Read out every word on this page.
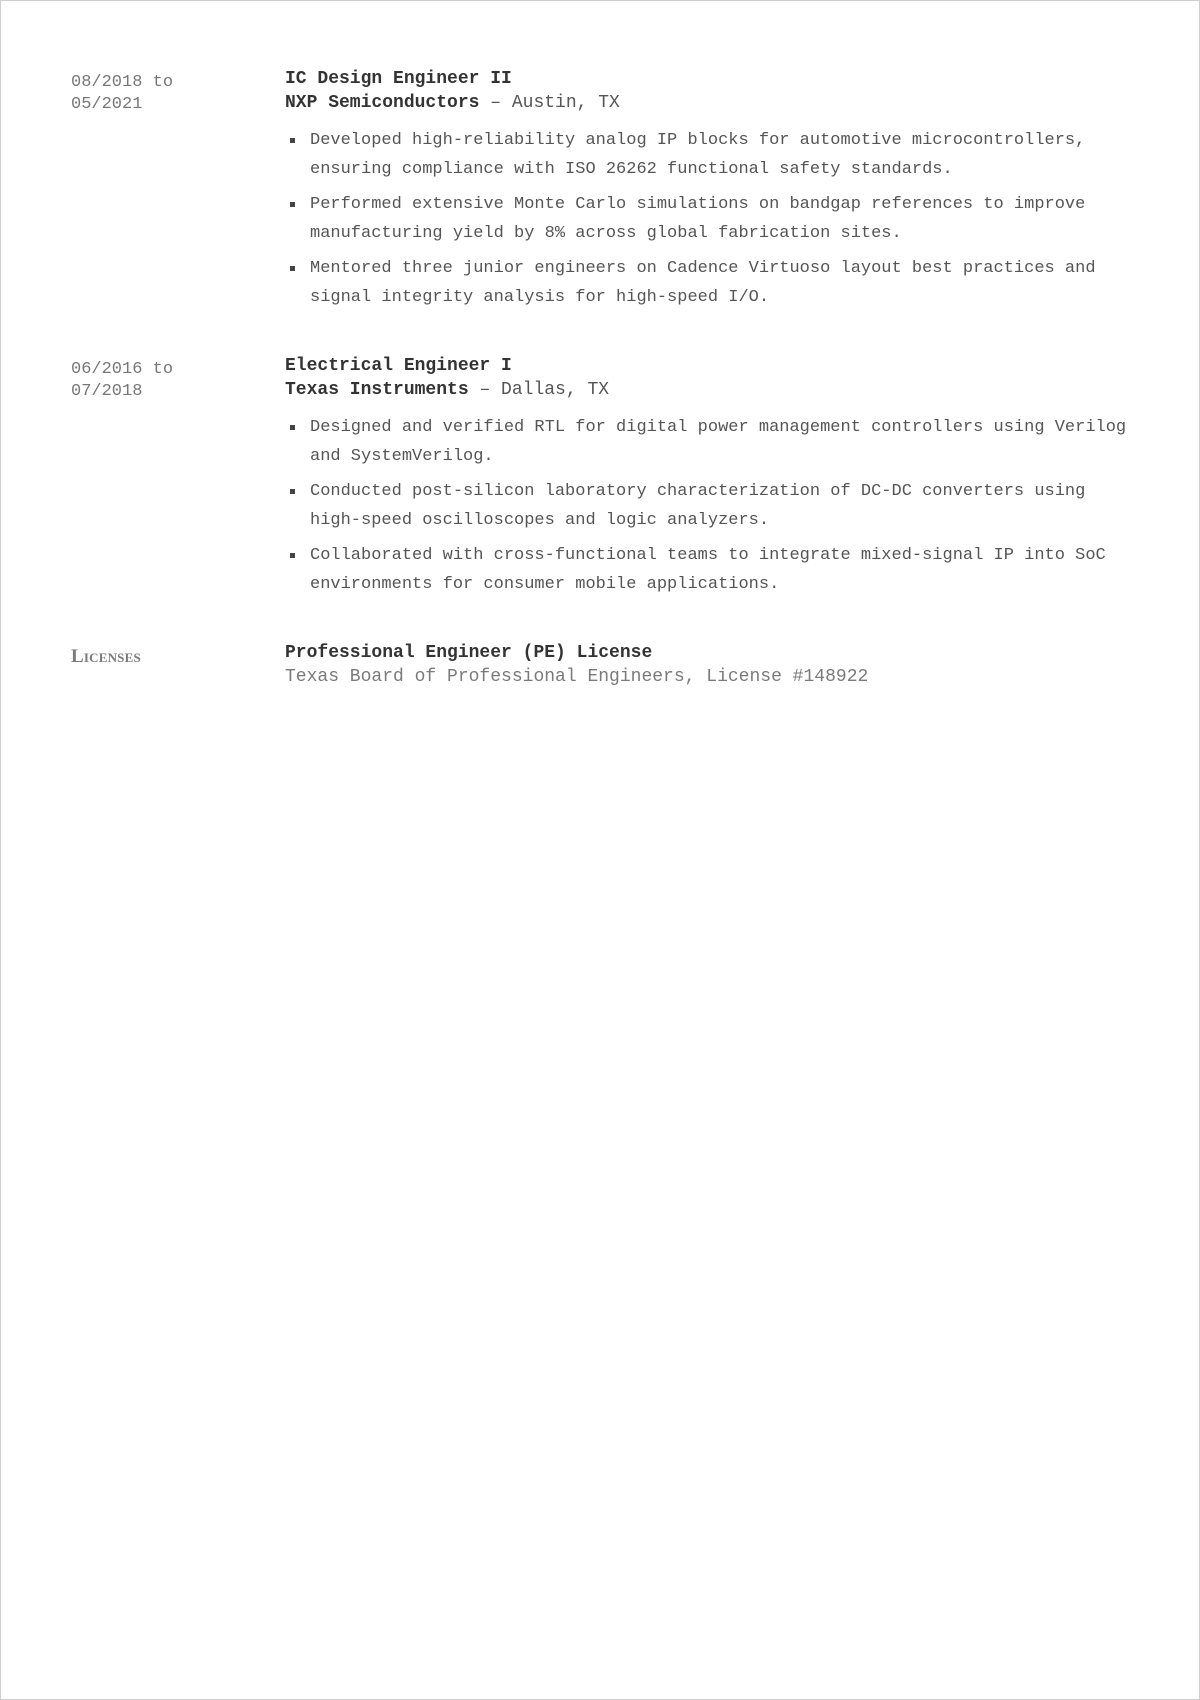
08/2018 to
05/2021
IC Design Engineer II
NXP Semiconductors – Austin, TX
Developed high-reliability analog IP blocks for automotive microcontrollers, ensuring compliance with ISO 26262 functional safety standards.
Performed extensive Monte Carlo simulations on bandgap references to improve manufacturing yield by 8% across global fabrication sites.
Mentored three junior engineers on Cadence Virtuoso layout best practices and signal integrity analysis for high-speed I/O.
06/2016 to
07/2018
Electrical Engineer I
Texas Instruments – Dallas, TX
Designed and verified RTL for digital power management controllers using Verilog and SystemVerilog.
Conducted post-silicon laboratory characterization of DC-DC converters using high-speed oscilloscopes and logic analyzers.
Collaborated with cross-functional teams to integrate mixed-signal IP into SoC environments for consumer mobile applications.
Licenses	Professional Engineer (PE) License
Texas Board of Professional Engineers, License #148922
